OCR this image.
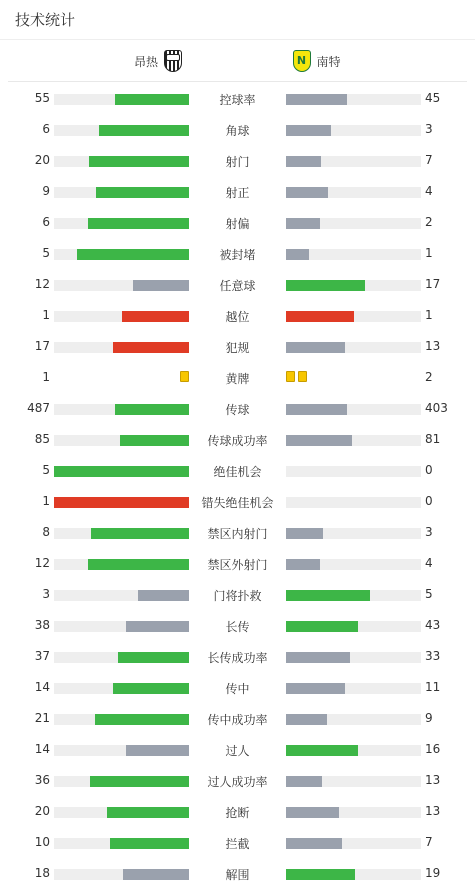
技术统计
昂热
N	南特
55	控球率	45
6	角球	3
20	射门	7
9	射正	4
6	射偏	2
5	被封堵	1
12	任意球	17
1	越位	1
17	犯规	13
1	黄牌	2
487	传球	403
85	传球成功率	81
5	绝佳机会	0
1	错失绝佳机会	0
8	禁区内射门	3
12	禁区外射门	4
3	门将扑救	5
38	长传	43
37	长传成功率	33
14	传中	11
21	传中成功率	9
14	过人	16
36	过人成功率	13
20	抢断	13
10	拦截	7
18	解围	19
